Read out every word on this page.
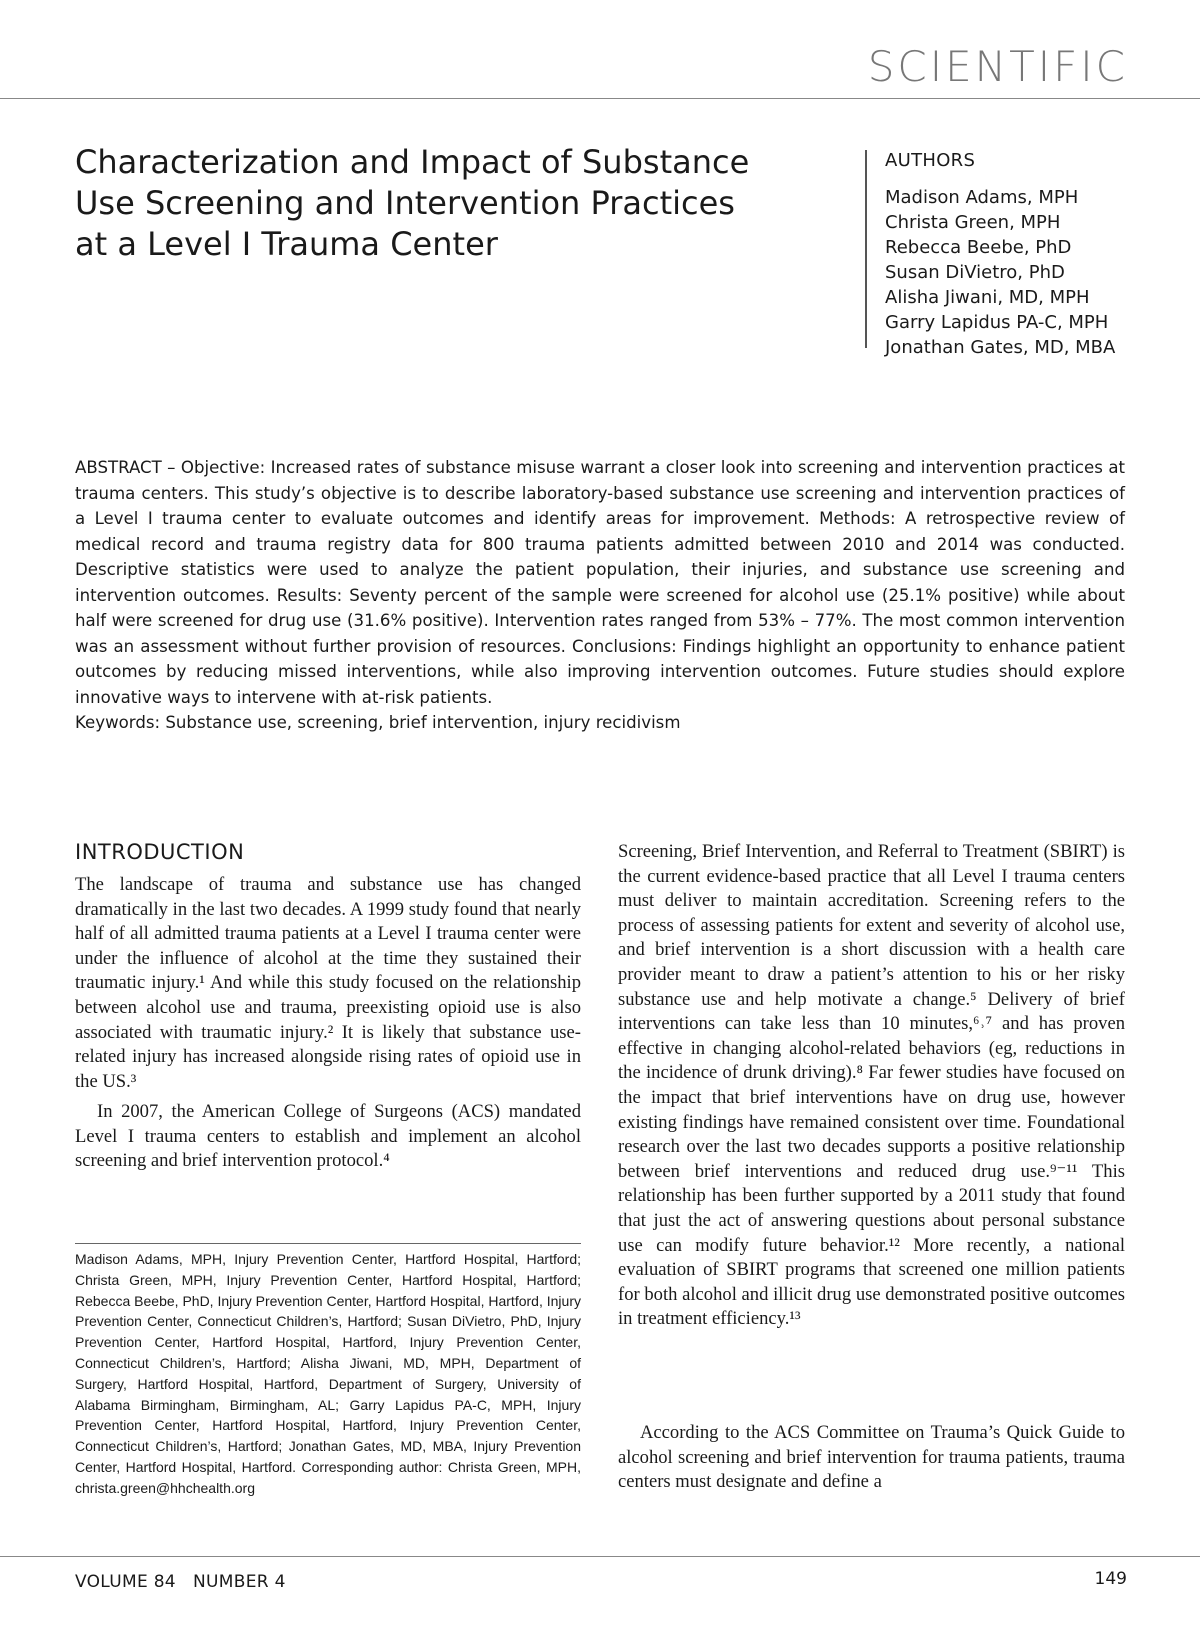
SCIENTIFIC
Characterization and Impact of Substance Use Screening and Intervention Practices at a Level I Trauma Center
AUTHORS
Madison Adams, MPH
Christa Green, MPH
Rebecca Beebe, PhD
Susan DiVietro, PhD
Alisha Jiwani, MD, MPH
Garry Lapidus PA-C, MPH
Jonathan Gates, MD, MBA

ABSTRACT – Objective: Increased rates of substance misuse warrant a closer look into screening and intervention practices at trauma centers. This study’s objective is to describe laboratory-based substance use screening and intervention practices of a Level I trauma center to evaluate outcomes and identify areas for improvement. Methods: A retrospective review of medical record and trauma registry data for 800 trauma patients admitted between 2010 and 2014 was conducted. Descriptive statistics were used to analyze the patient population, their injuries, and substance use screening and intervention outcomes. Results: Seventy percent of the sample were screened for alcohol use (25.1% positive) while about half were screened for drug use (31.6% positive). Intervention rates ranged from 53% – 77%. The most common intervention was an assessment without further provision of resources. Conclusions: Findings highlight an opportunity to enhance patient outcomes by reducing missed interventions, while also improving intervention outcomes. Future studies should explore innovative ways to intervene with at-risk patients.

Keywords: Substance use, screening, brief intervention, injury recidivism

INTRODUCTION

The landscape of trauma and substance use has changed dramatically in the last two decades. A 1999 study found that nearly half of all admitted trauma patients at a Level I trauma center were under the influence of alcohol at the time they sustained their traumatic injury.¹ And while this study focused on the relationship between alcohol use and trauma, preexisting opioid use is also associated with traumatic injury.² It is likely that substance use-related injury has increased alongside rising rates of opioid use in the US.³

In 2007, the American College of Surgeons (ACS) mandated Level I trauma centers to establish and implement an alcohol screening and brief intervention protocol.⁴

Madison Adams, MPH, Injury Prevention Center, Hartford Hospital, Hartford; Christa Green, MPH, Injury Prevention Center, Hartford Hospital, Hartford; Rebecca Beebe, PhD, Injury Prevention Center, Hartford Hospital, Hartford, Injury Prevention Center, Connecticut Children’s, Hartford; Susan DiVietro, PhD, Injury Prevention Center, Hartford Hospital, Hartford, Injury Prevention Center, Connecticut Children’s, Hartford; Alisha Jiwani, MD, MPH, Department of Surgery, Hartford Hospital, Hartford, Department of Surgery, University of Alabama Birmingham, Birmingham, AL; Garry Lapidus PA-C, MPH, Injury Prevention Center, Hartford Hospital, Hartford, Injury Prevention Center, Connecticut Children’s, Hartford; Jonathan Gates, MD, MBA, Injury Prevention Center, Hartford Hospital, Hartford. Corresponding author: Christa Green, MPH, christa.green@hhchealth.org

Screening, Brief Intervention, and Referral to Treatment (SBIRT) is the current evidence-based practice that all Level I trauma centers must deliver to maintain accreditation. Screening refers to the process of assessing patients for extent and severity of alcohol use, and brief intervention is a short discussion with a health care provider meant to draw a patient’s attention to his or her risky substance use and help motivate a change.⁵ Delivery of brief interventions can take less than 10 minutes,⁶˒⁷ and has proven effective in changing alcohol-related behaviors (eg, reductions in the incidence of drunk driving).⁸ Far fewer studies have focused on the impact that brief interventions have on drug use, however existing findings have remained consistent over time. Foundational research over the last two decades supports a positive relationship between brief interventions and reduced drug use.⁹⁻¹¹ This relationship has been further supported by a 2011 study that found that just the act of answering questions about personal substance use can modify future behavior.¹² More recently, a national evaluation of SBIRT programs that screened one million patients for both alcohol and illicit drug use demonstrated positive outcomes in treatment efficiency.¹³

According to the ACS Committee on Trauma’s Quick Guide to alcohol screening and brief intervention for trauma patients, trauma centers must designate and define a

VOLUME 84   NUMBER 4	149
